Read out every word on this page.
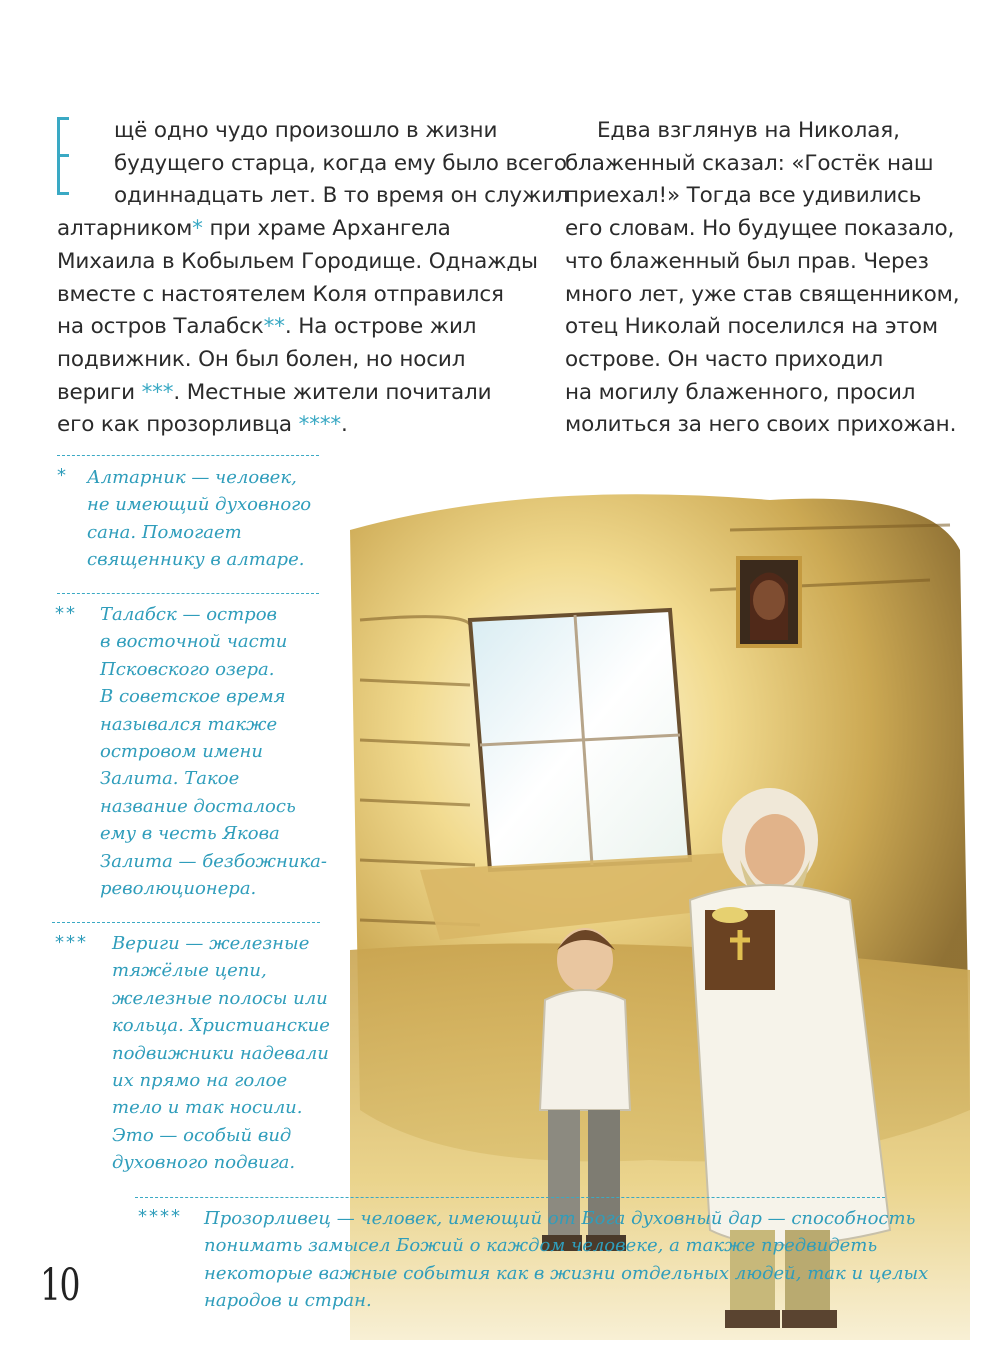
щё одно чудо произошло в жизни
будущего старца, когда ему было всего
одиннадцать лет. В то время он служил
алтарником* при храме Архангела
Михаила в Кобыльем Городище. Однажды
вместе с настоятелем Коля отправился
на остров Талабск**. На острове жил
подвижник. Он был болен, но носил
вериги ***. Местные жители почитали
его как прозорливца ****.
Едва взглянув на Николая,
блаженный сказал: «Гостёк наш
приехал!» Тогда все удивились
его словам. Но будущее показало,
что блаженный был прав. Через
много лет, уже став священником,
отец Николай поселился на этом
острове. Он часто приходил
на могилу блаженного, просил
молиться за него своих прихожан.
* Алтарник — человек,
не имеющий духовного
сана. Помогает
священнику в алтаре.
** Талабск — остров
в восточной части
Псковского озера.
В советское время
назывался также
островом имени
Залита. Такое
название досталось
ему в честь Якова
Залита — безбожника-
революционера.
*** Вериги — железные
тяжёлые цепи,
железные полосы или
кольца. Христианские
подвижники надевали
их прямо на голое
тело и так носили.
Это — особый вид
духовного подвига.
**** Прозорливец — человек, имеющий от Бога духовный дар — способность
понимать замысел Божий о каждом человеке, а также предвидеть
некоторые важные события как в жизни отдельных людей, так и целых
народов и стран.
10
